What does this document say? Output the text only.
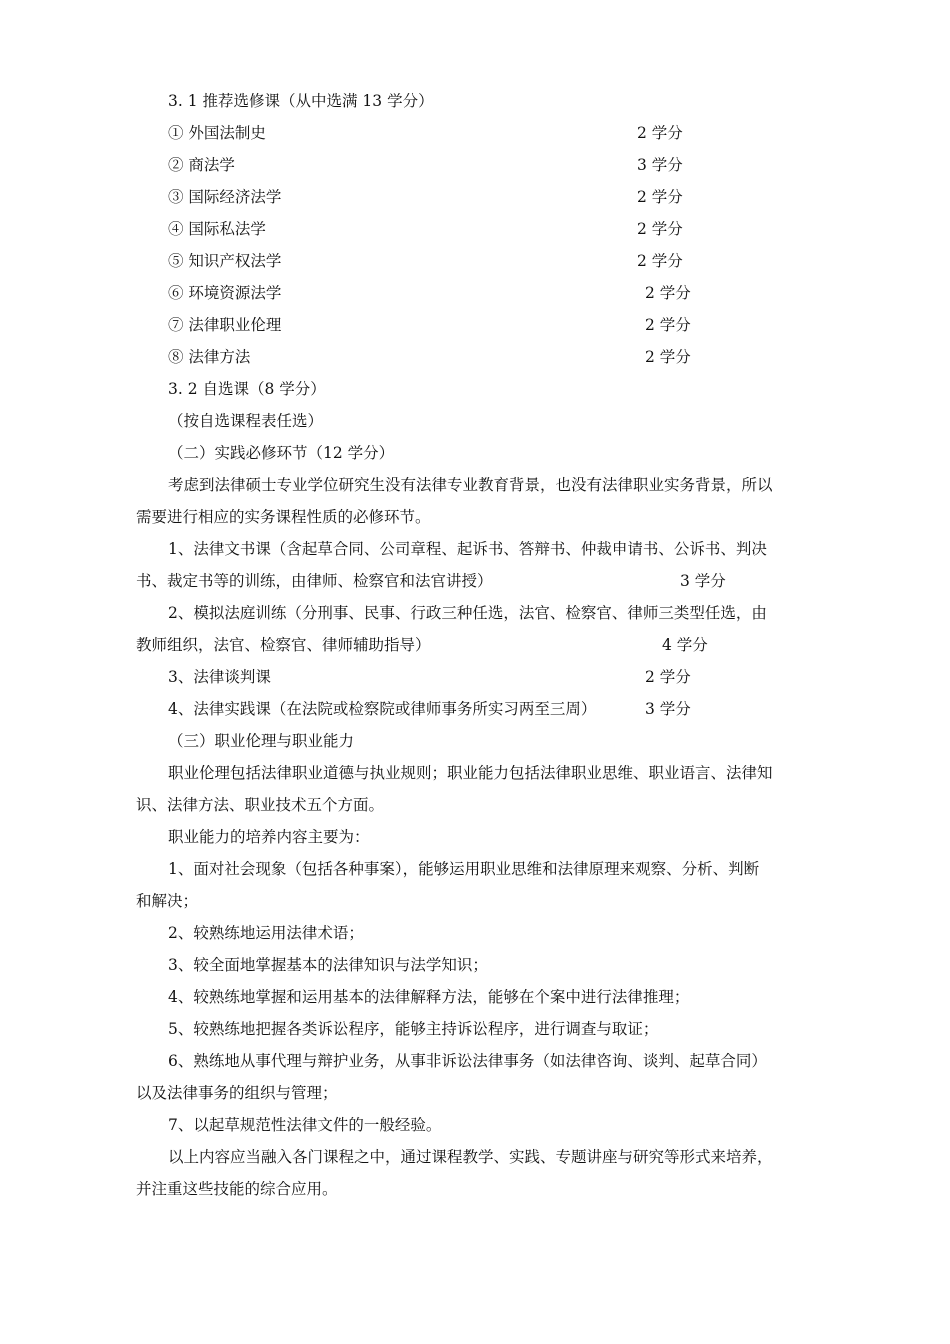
3. 1 推荐选修课（从中选满 13 学分）
① 外国法制史	2 学分
② 商法学	3 学分
③ 国际经济法学	2 学分
④ 国际私法学	2 学分
⑤ 知识产权法学	2 学分
⑥ 环境资源法学	2 学分
⑦ 法律职业伦理	2 学分
⑧ 法律方法	2 学分
3. 2 自选课（8 学分）
（按自选课程表任选）
（二）实践必修环节（12 学分）
考虑到法律硕士专业学位研究生没有法律专业教育背景，也没有法律职业实务背景，所以
需要进行相应的实务课程性质的必修环节。
1、法律文书课（含起草合同、公司章程、起诉书、答辩书、仲裁申请书、公诉书、判决
书、裁定书等的训练，由律师、检察官和法官讲授）	3 学分
2、模拟法庭训练（分刑事、民事、行政三种任选，法官、检察官、律师三类型任选，由
教师组织，法官、检察官、律师辅助指导）	4 学分
3、法律谈判课	2 学分
4、法律实践课（在法院或检察院或律师事务所实习两至三周）	3 学分
（三）职业伦理与职业能力
职业伦理包括法律职业道德与执业规则；职业能力包括法律职业思维、职业语言、法律知
识、法律方法、职业技术五个方面。
职业能力的培养内容主要为：
1、面对社会现象（包括各种事案），能够运用职业思维和法律原理来观察、分析、判断
和解决；
2、较熟练地运用法律术语；
3、较全面地掌握基本的法律知识与法学知识；
4、较熟练地掌握和运用基本的法律解释方法，能够在个案中进行法律推理；
5、较熟练地把握各类诉讼程序，能够主持诉讼程序，进行调查与取证；
6、熟练地从事代理与辩护业务，从事非诉讼法律事务（如法律咨询、谈判、起草合同）
以及法律事务的组织与管理；
7、以起草规范性法律文件的一般经验。
以上内容应当融入各门课程之中，通过课程教学、实践、专题讲座与研究等形式来培养，
并注重这些技能的综合应用。
